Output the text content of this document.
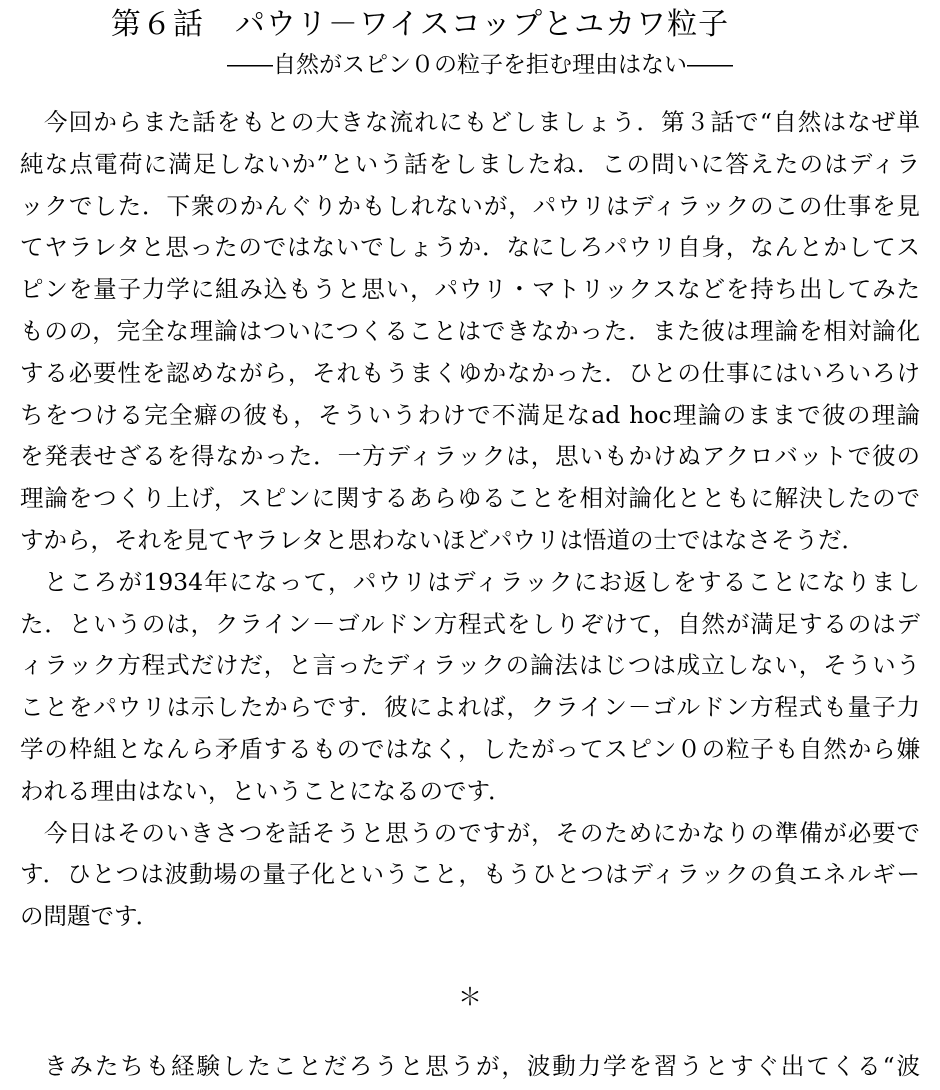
第６話　パウリ－ワイスコップとユカワ粒子
――自然がスピン０の粒子を拒む理由はない――

今回からまた話をもとの大きな流れにもどしましょう．第３話で“自然はなぜ単
純な点電荷に満足しないか”という話をしましたね．この問いに答えたのはディラ
ックでした．下衆のかんぐりかもしれないが，パウリはディラックのこの仕事を見
てヤラレタと思ったのではないでしょうか．なにしろパウリ自身，なんとかしてス
ピンを量子力学に組み込もうと思い，パウリ・マトリックスなどを持ち出してみた
ものの，完全な理論はついにつくることはできなかった．また彼は理論を相対論化
する必要性を認めながら，それもうまくゆかなかった．ひとの仕事にはいろいろけ
ちをつける完全癖の彼も，そういうわけで不満足なad hoc理論のままで彼の理論
を発表せざるを得なかった．一方ディラックは，思いもかけぬアクロバットで彼の
理論をつくり上げ，スピンに関するあらゆることを相対論化とともに解決したので
すから，それを見てヤラレタと思わないほどパウリは悟道の士ではなさそうだ．

ところが1934年になって，パウリはディラックにお返しをすることになりまし
た．というのは，クライン－ゴルドン方程式をしりぞけて，自然が満足するのはデ
ィラック方程式だけだ，と言ったディラックの論法はじつは成立しない，そういう
ことをパウリは示したからです．彼によれば，クライン－ゴルドン方程式も量子力
学の枠組となんら矛盾するものではなく，したがってスピン０の粒子も自然から嫌
われる理由はない，ということになるのです．

今日はそのいきさつを話そうと思うのですが，そのためにかなりの準備が必要で
す．ひとつは波動場の量子化ということ，もうひとつはディラックの負エネルギー
の問題です．

＊

きみたちも経験したことだろうと思うが，波動力学を習うとすぐ出てくる“波
